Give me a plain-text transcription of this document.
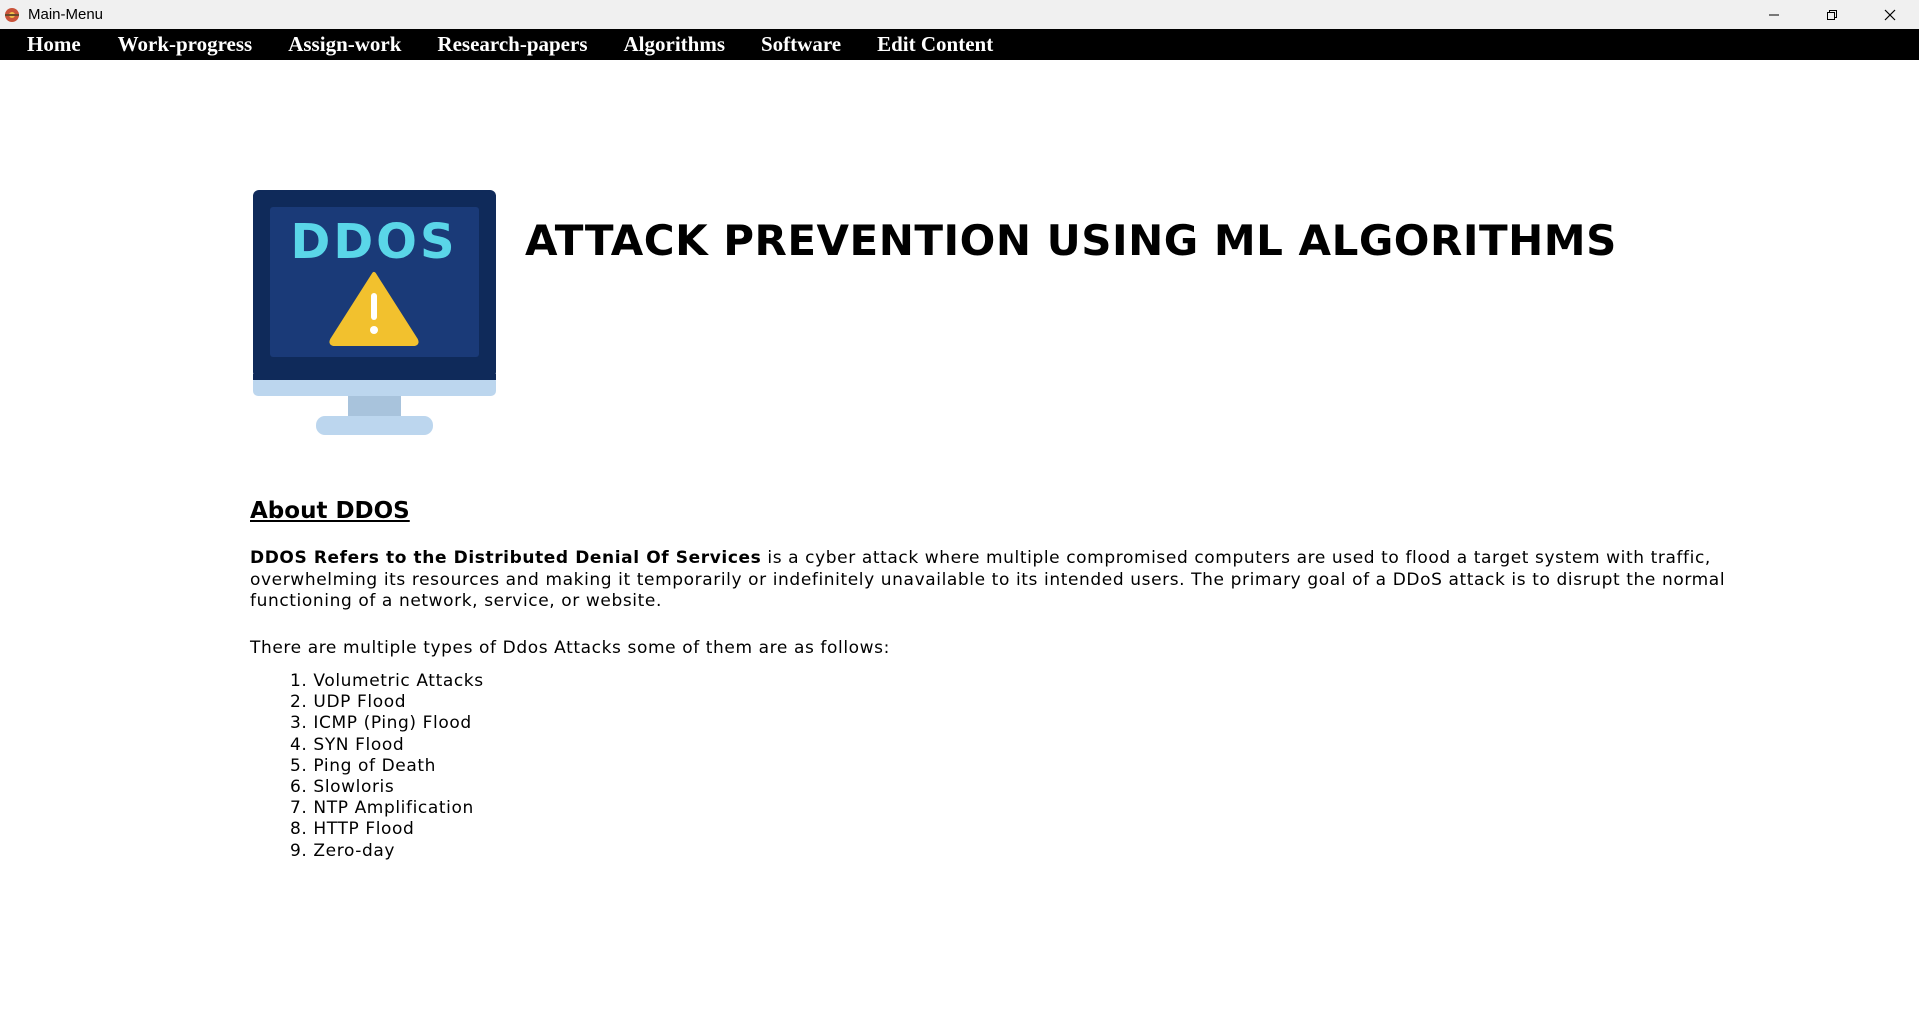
Main-Menu
Home Work-progress Assign-work Research-papers Algorithms Software Edit Content
DDOS ATTACK PREVENTION USING ML ALGORITHMS
About DDOS

DDOS Refers to the Distributed Denial Of Services is a cyber attack where multiple compromised computers are used to flood a target system with traffic, overwhelming its resources and making it temporarily or indefinitely unavailable to its intended users. The primary goal of a DDoS attack is to disrupt the normal functioning of a network, service, or website.

There are multiple types of Ddos Attacks some of them are as follows:

1. Volumetric Attacks
2. UDP Flood
3. ICMP (Ping) Flood
4. SYN Flood
5. Ping of Death
6. Slowloris
7. NTP Amplification
8. HTTP Flood
9. Zero-day
